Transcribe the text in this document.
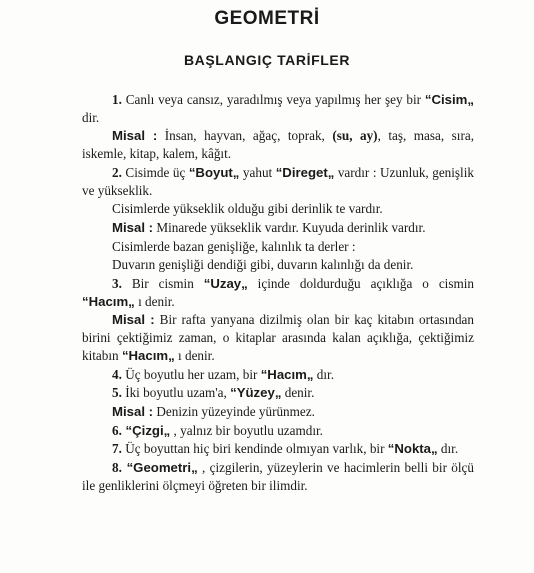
GEOMETRİ
BAŞLANGIÇ TARİFLER

1. Canlı veya cansız, yaradılmış veya yapılmış her şey bir “Cisim„ dir.

Misal : İnsan, hayvan, ağaç, toprak, (su, ay), taş, masa, sıra, iskemle, kitap, kalem, kâğıt.

2. Cisimde üç “Boyut„ yahut “Direget„ vardır : Uzunluk, genişlik ve yükseklik.

Cisimlerde yükseklik olduğu gibi derinlik te vardır.

Misal : Minarede yükseklik vardır. Kuyuda derinlik vardır.

Cisimlerde bazan genişliğe, kalınlık ta derler :

Duvarın genişliği dendiği gibi, duvarın kalınlığı da denir.

3. Bir cismin “Uzay„ içinde doldurduğu açıklığa o cismin “Hacım„ ı denir.

Misal : Bir rafta yanyana dizilmiş olan bir kaç kitabın ortasından birini çektiğimiz zaman, o kitaplar arasında kalan açıklığa, çektiğimiz kitabın “Hacım„ ı denir.

4. Üç boyutlu her uzam, bir “Hacım„ dır.

5. İki boyutlu uzam'a, “Yüzey„ denir.

Misal : Denizin yüzeyinde yürünmez.

6. “Çizgi„ , yalnız bir boyutlu uzamdır.

7. Üç boyuttan hiç biri kendinde olmıyan varlık, bir “Nokta„ dır.

8. “Geometri„ , çizgilerin, yüzeylerin ve hacimlerin belli bir ölçü ile genliklerini ölçmeyi öğreten bir ilimdir.
